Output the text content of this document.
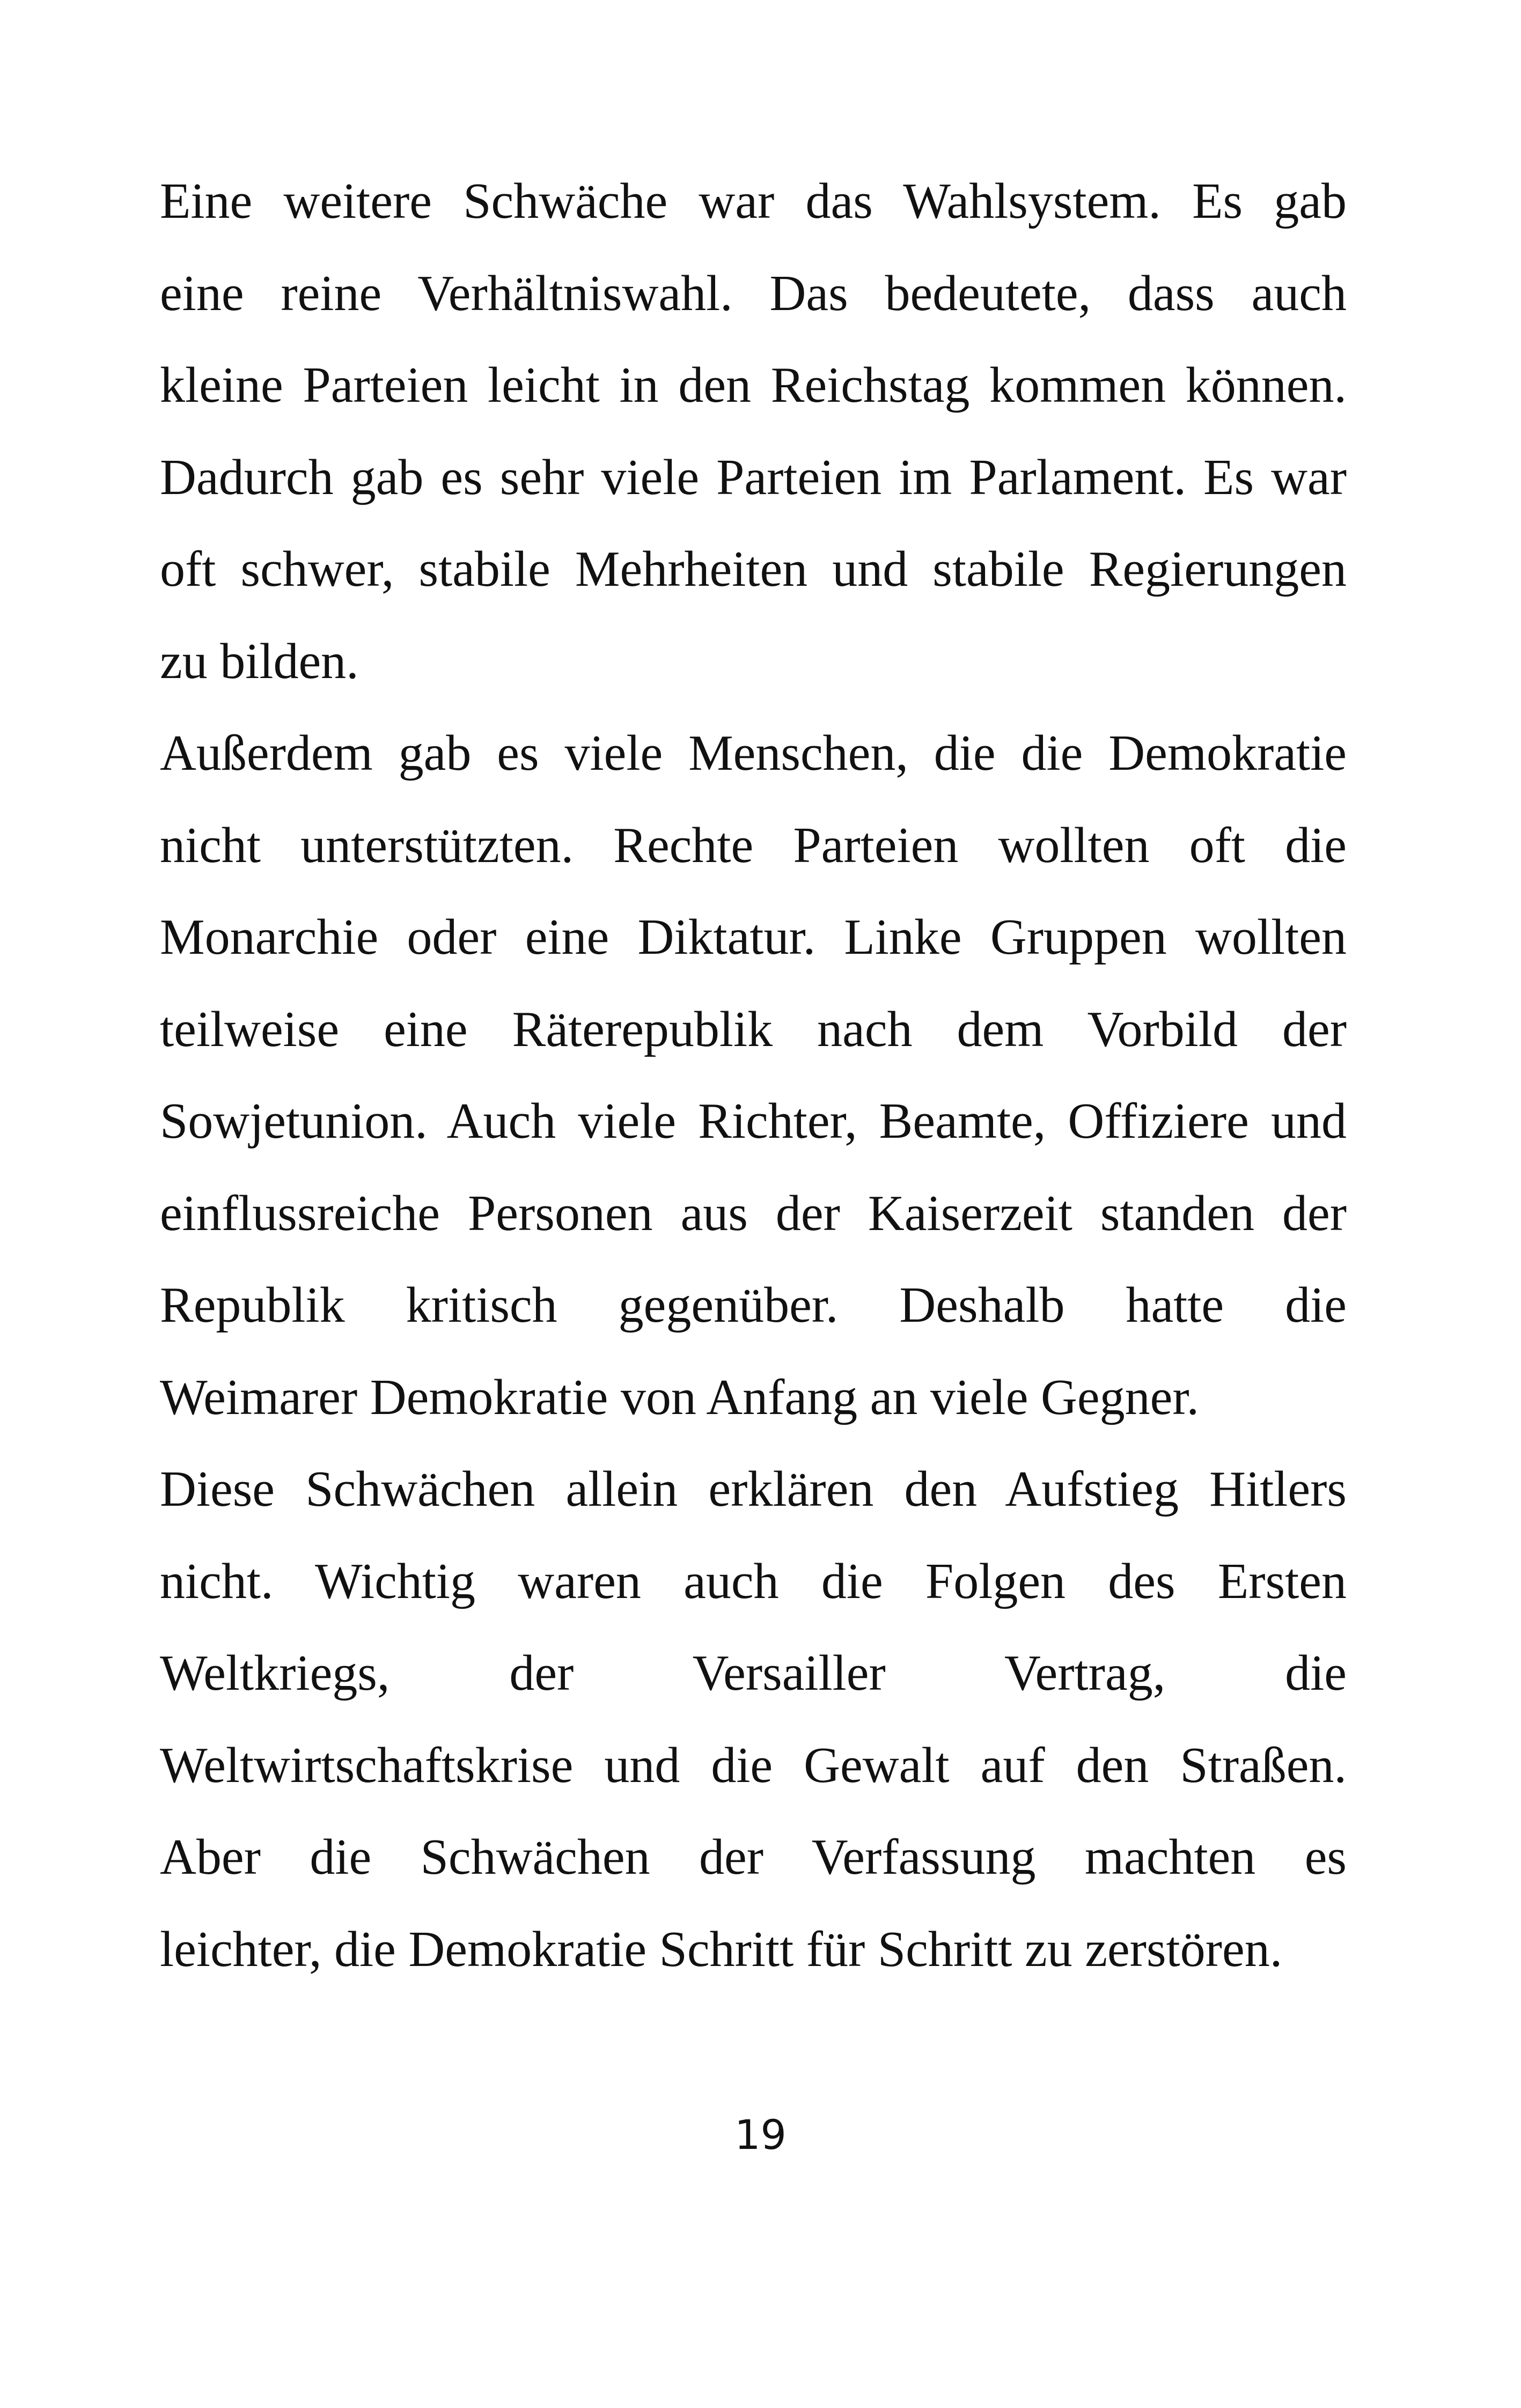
Eine weitere Schwäche war das Wahlsystem. Es gab
eine reine Verhältniswahl. Das bedeutete, dass auch
kleine Parteien leicht in den Reichstag kommen können.
Dadurch gab es sehr viele Parteien im Parlament. Es war
oft schwer, stabile Mehrheiten und stabile Regierungen
zu bilden.
Außerdem gab es viele Menschen, die die Demokratie
nicht unterstützten. Rechte Parteien wollten oft die
Monarchie oder eine Diktatur. Linke Gruppen wollten
teilweise eine Räterepublik nach dem Vorbild der
Sowjetunion. Auch viele Richter, Beamte, Offiziere und
einflussreiche Personen aus der Kaiserzeit standen der
Republik kritisch gegenüber. Deshalb hatte die
Weimarer Demokratie von Anfang an viele Gegner.
Diese Schwächen allein erklären den Aufstieg Hitlers
nicht. Wichtig waren auch die Folgen des Ersten
Weltkriegs, der Versailler Vertrag, die
Weltwirtschaftskrise und die Gewalt auf den Straßen.
Aber die Schwächen der Verfassung machten es
leichter, die Demokratie Schritt für Schritt zu zerstören.
19
